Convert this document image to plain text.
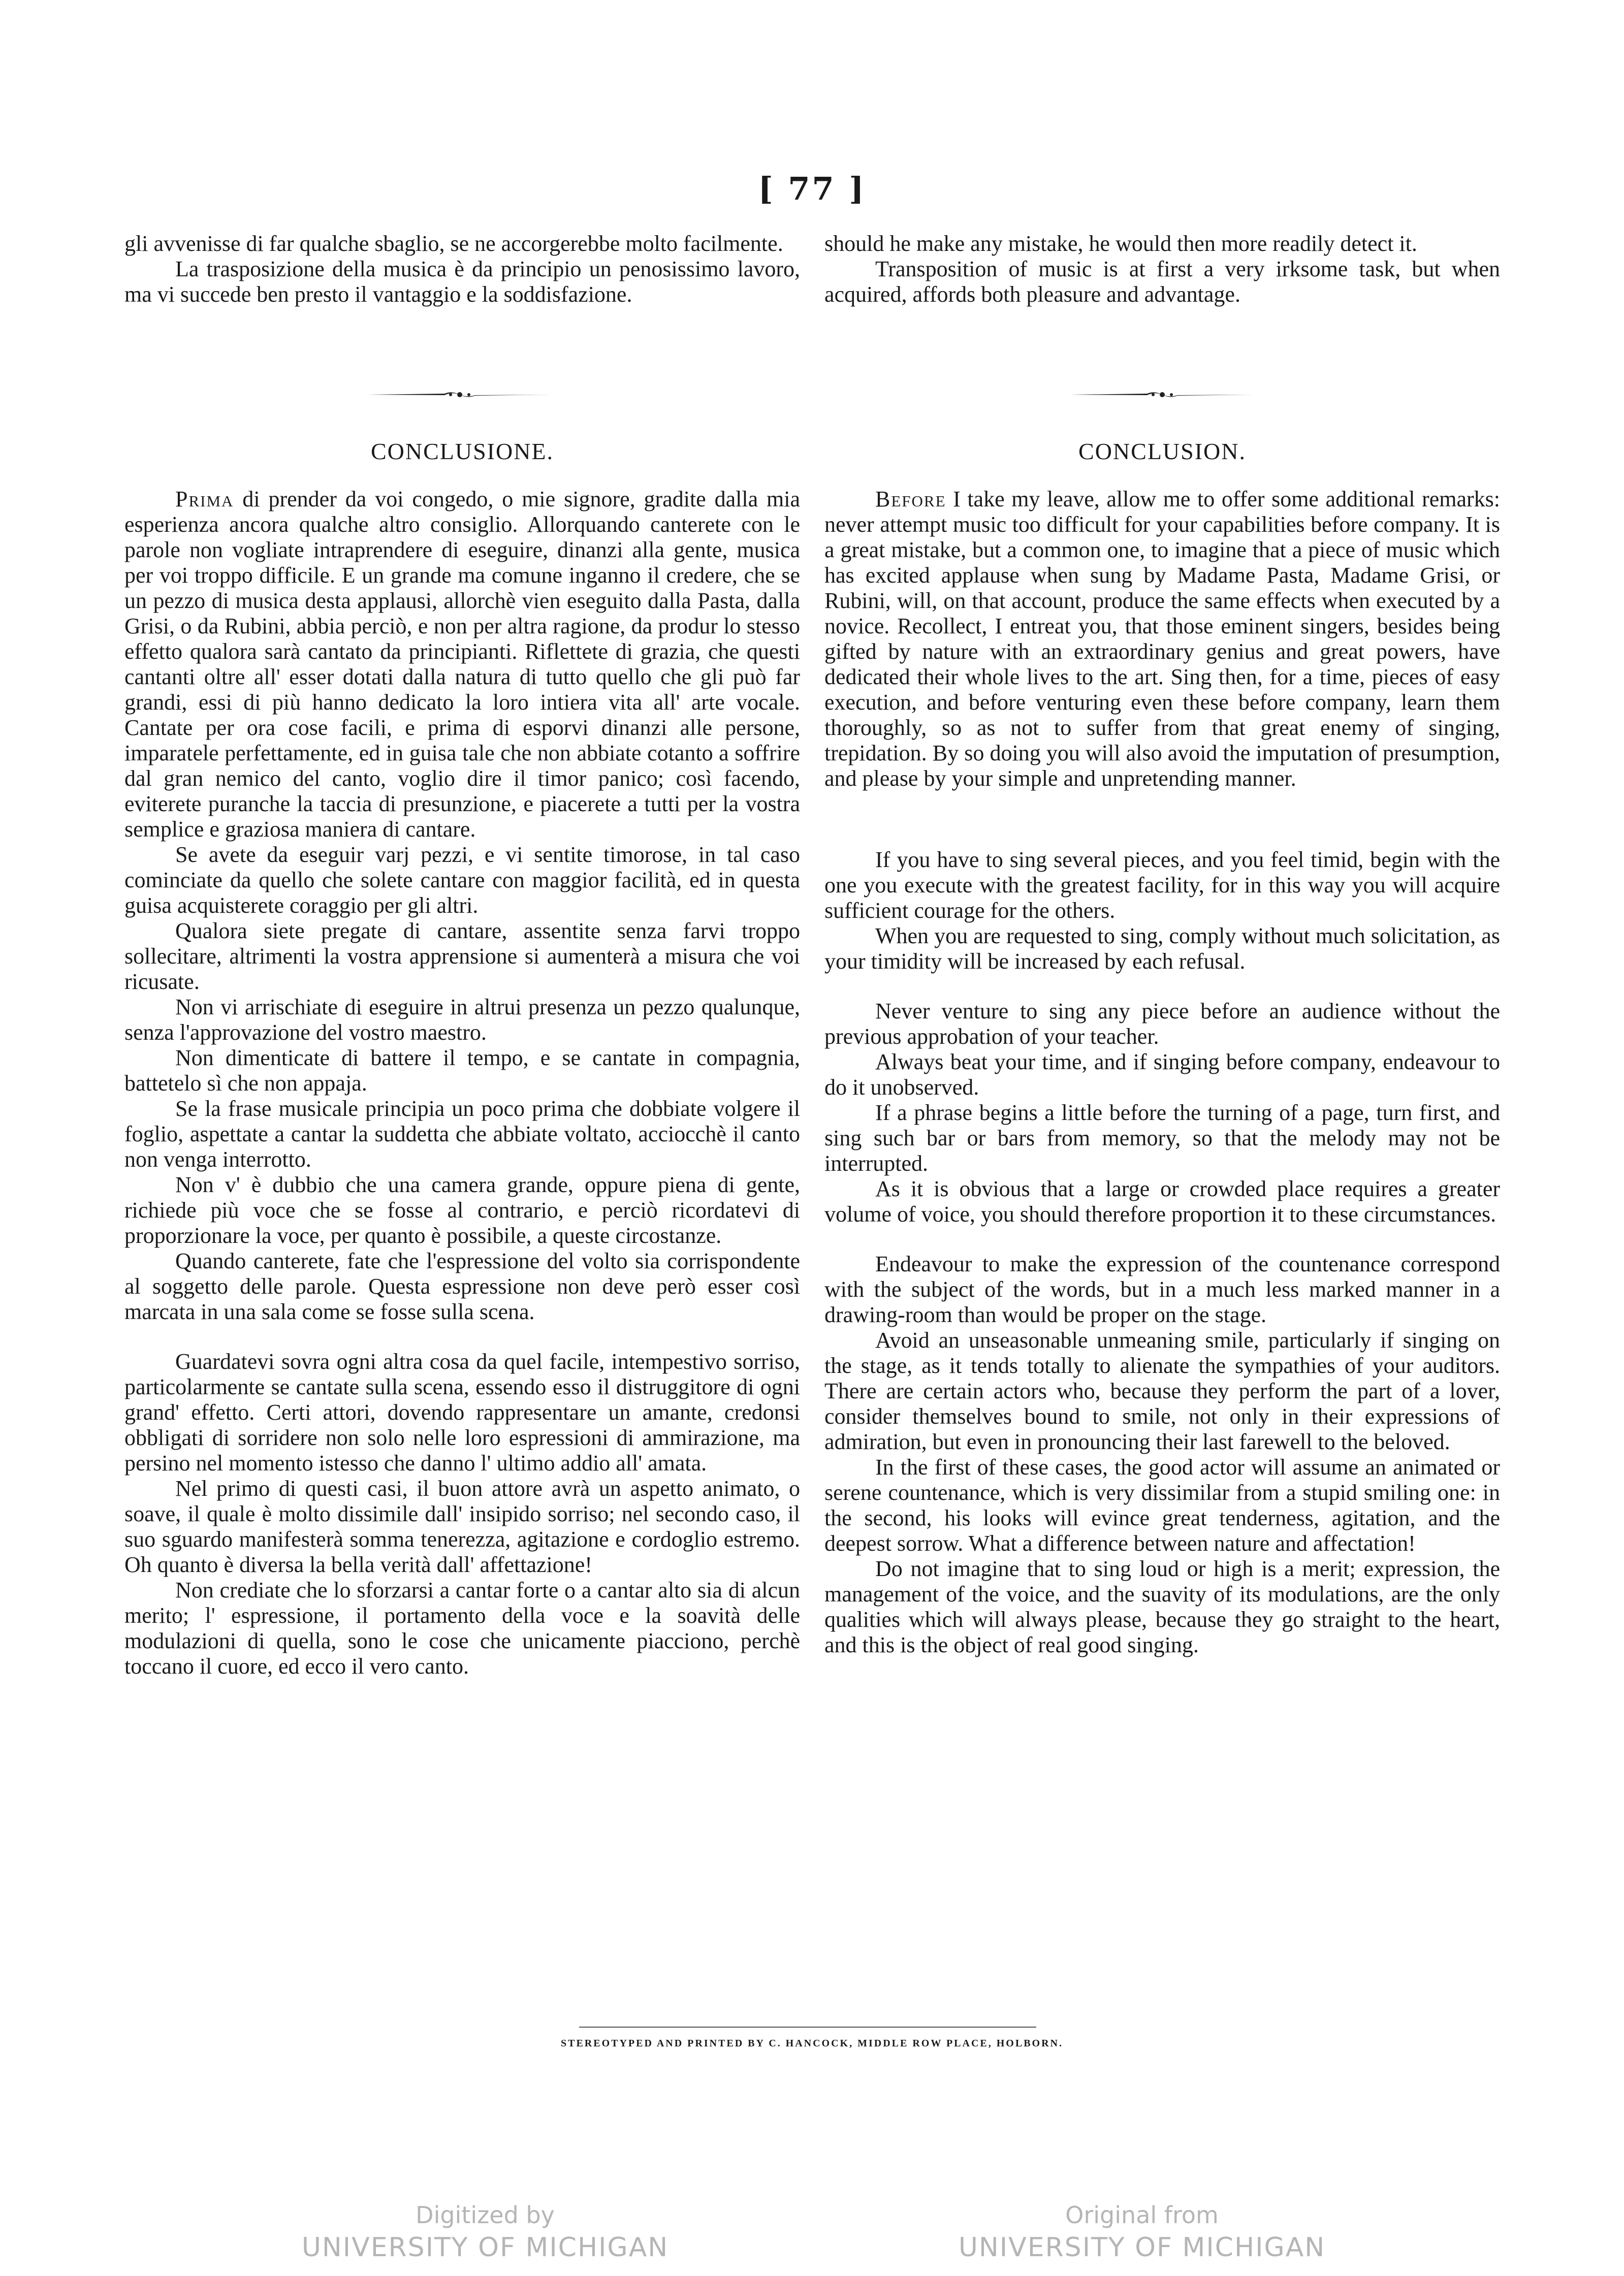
[ 77 ]

gli avvenisse di far qualche sbaglio, se ne accorgerebbe molto facilmente.

La trasposizione della musica è da principio un penosissimo lavoro, ma vi succede ben presto il vantaggio e la soddisfazione.

should he make any mistake, he would then more readily detect it.

Transposition of music is at first a very irksome task, but when acquired, affords both pleasure and advantage.

CONCLUSIONE.	CONCLUSION.

Prima di prender da voi congedo, o mie signore, gradite dalla mia esperienza ancora qualche altro consiglio. Allorquando canterete con le parole non vogliate intraprendere di eseguire, dinanzi alla gente, musica per voi troppo difficile. E un grande ma comune inganno il credere, che se un pezzo di musica desta applausi, allorchè vien eseguito dalla Pasta, dalla Grisi, o da Rubini, abbia perciò, e non per altra ragione, da produr lo stesso effetto qualora sarà cantato da principianti. Riflettete di grazia, che questi cantanti oltre all' esser dotati dalla natura di tutto quello che gli può far grandi, essi di più hanno dedicato la loro intiera vita all' arte vocale. Cantate per ora cose facili, e prima di esporvi dinanzi alle persone, imparatele perfettamente, ed in guisa tale che non abbiate cotanto a soffrire dal gran nemico del canto, voglio dire il timor panico; così facendo, eviterete puranche la taccia di presunzione, e piacerete a tutti per la vostra semplice e graziosa maniera di cantare.

Se avete da eseguir varj pezzi, e vi sentite timorose, in tal caso cominciate da quello che solete cantare con maggior facilità, ed in questa guisa acquisterete coraggio per gli altri.

Qualora siete pregate di cantare, assentite senza farvi troppo sollecitare, altrimenti la vostra apprensione si aumenterà a misura che voi ricusate.

Non vi arrischiate di eseguire in altrui presenza un pezzo qualunque, senza l'approvazione del vostro maestro.

Non dimenticate di battere il tempo, e se cantate in compagnia, battetelo sì che non appaja.

Se la frase musicale principia un poco prima che dobbiate volgere il foglio, aspettate a cantar la suddetta che abbiate voltato, acciocchè il canto non venga interrotto.

Non v' è dubbio che una camera grande, oppure piena di gente, richiede più voce che se fosse al contrario, e perciò ricordatevi di proporzionare la voce, per quanto è possibile, a queste circostanze.

Quando canterete, fate che l'espressione del volto sia corrispondente al soggetto delle parole. Questa espressione non deve però esser così marcata in una sala come se fosse sulla scena.

Guardatevi sovra ogni altra cosa da quel facile, intempestivo sorriso, particolarmente se cantate sulla scena, essendo esso il distruggitore di ogni grand' effetto. Certi attori, dovendo rappresentare un amante, credonsi obbligati di sorridere non solo nelle loro espressioni di ammirazione, ma persino nel momento istesso che danno l' ultimo addio all' amata.

Nel primo di questi casi, il buon attore avrà un aspetto animato, o soave, il quale è molto dissimile dall' insipido sorriso; nel secondo caso, il suo sguardo manifesterà somma tenerezza, agitazione e cordoglio estremo. Oh quanto è diversa la bella verità dall' affettazione!

Non crediate che lo sforzarsi a cantar forte o a cantar alto sia di alcun merito; l' espressione, il portamento della voce e la soavità delle modulazioni di quella, sono le cose che unicamente piacciono, perchè toccano il cuore, ed ecco il vero canto.

Before I take my leave, allow me to offer some additional remarks: never attempt music too difficult for your capabilities before company. It is a great mistake, but a common one, to imagine that a piece of music which has excited applause when sung by Madame Pasta, Madame Grisi, or Rubini, will, on that account, produce the same effects when executed by a novice. Recollect, I entreat you, that those eminent singers, besides being gifted by nature with an extraordinary genius and great powers, have dedicated their whole lives to the art. Sing then, for a time, pieces of easy execution, and before venturing even these before company, learn them thoroughly, so as not to suffer from that great enemy of singing, trepidation. By so doing you will also avoid the imputation of presumption, and please by your simple and unpretending manner.

If you have to sing several pieces, and you feel timid, begin with the one you execute with the greatest facility, for in this way you will acquire sufficient courage for the others.

When you are requested to sing, comply without much solicitation, as your timidity will be increased by each refusal.

Never venture to sing any piece before an audience without the previous approbation of your teacher.

Always beat your time, and if singing before company, endeavour to do it unobserved.

If a phrase begins a little before the turning of a page, turn first, and sing such bar or bars from memory, so that the melody may not be interrupted.

As it is obvious that a large or crowded place requires a greater volume of voice, you should therefore proportion it to these circumstances.

Endeavour to make the expression of the countenance correspond with the subject of the words, but in a much less marked manner in a drawing-room than would be proper on the stage.

Avoid an unseasonable unmeaning smile, particularly if singing on the stage, as it tends totally to alienate the sympathies of your auditors. There are certain actors who, because they perform the part of a lover, consider themselves bound to smile, not only in their expressions of admiration, but even in pronouncing their last farewell to the beloved.

In the first of these cases, the good actor will assume an animated or serene countenance, which is very dissimilar from a stupid smiling one: in the second, his looks will evince great tenderness, agitation, and the deepest sorrow. What a difference between nature and affectation!

Do not imagine that to sing loud or high is a merit; expression, the management of the voice, and the suavity of its modulations, are the only qualities which will always please, because they go straight to the heart, and this is the object of real good singing.

STEREOTYPED AND PRINTED BY C. HANCOCK, MIDDLE ROW PLACE, HOLBORN.
Digitized by
UNIVERSITY OF MICHIGAN
Original from
UNIVERSITY OF MICHIGAN
